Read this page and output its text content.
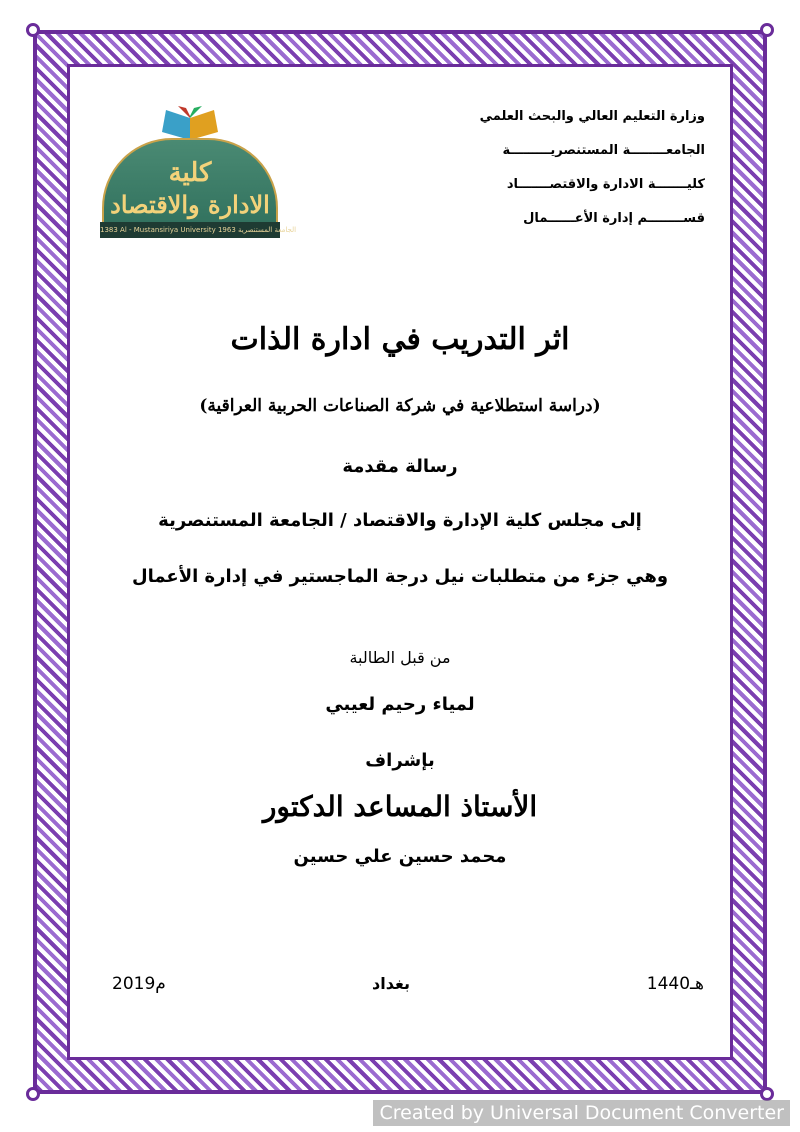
وزارة التعليم العالي والبحث العلمي
الجامعــــــــة المستنصريـــــــــة
كليـــــــة الادارة والاقتصـــــــاد
قســــــــم إدارة الأعــــــمال
كلية
الادارة والاقتصاد
1383 Al - Mustansiriya University الجامعة المستنصرية 1963
اثر التدريب في ادارة الذات
(دراسة استطلاعية في شركة الصناعات الحربية العراقية)
رسالة مقدمة
إلى مجلس كلية الإدارة والاقتصاد / الجامعة المستنصرية
وهي جزء من متطلبات نيل درجة الماجستير في إدارة الأعمال
من قبل الطالبة
لمياء رحيم لعيبي
بإشراف
الأستاذ المساعد الدكتور
محمد حسين علي حسين
2019م	بغداد	1440هـ
Created by Universal Document Converter
